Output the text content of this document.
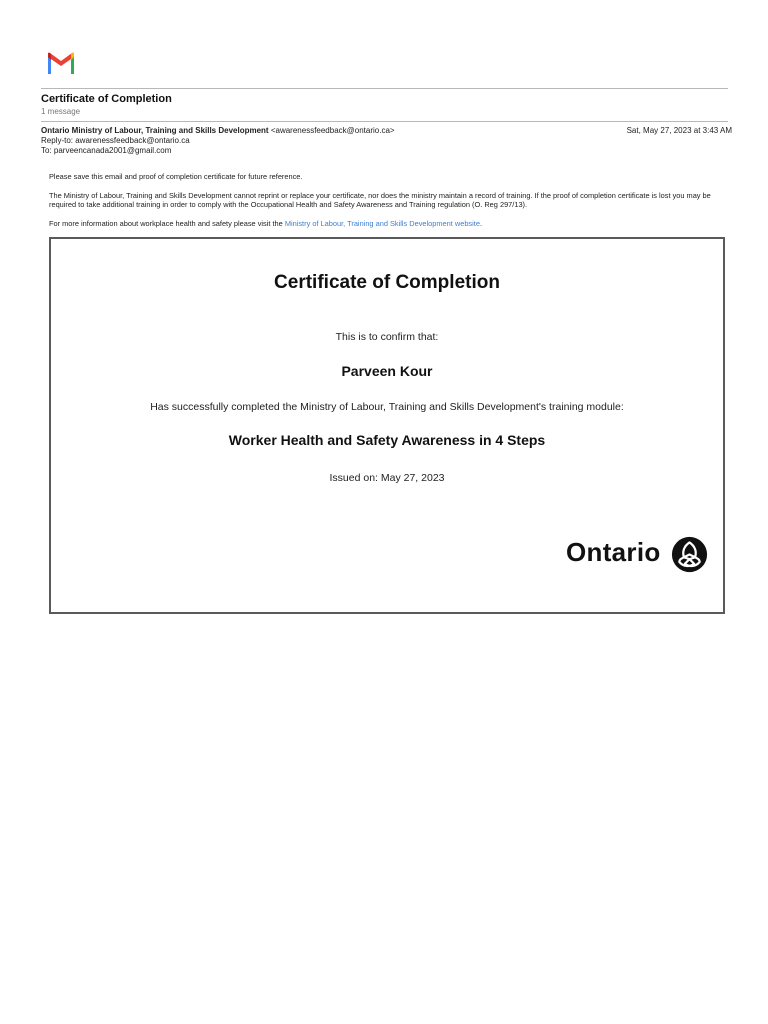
Certificate of Completion
1 message
Ontario Ministry of Labour, Training and Skills Development <awarenessfeedback@ontario.ca>
Reply-to: awarenessfeedback@ontario.ca
To: parveencanada2001@gmail.com
Sat, May 27, 2023 at 3:43 AM
Please save this email and proof of completion certificate for future reference.
The Ministry of Labour, Training and Skills Development cannot reprint or replace your certificate, nor does the ministry maintain a record of training. If the proof of completion certificate is lost you may be required to take additional training in order to comply with the Occupational Health and Safety Awareness and Training regulation (O. Reg 297/13).
For more information about workplace health and safety please visit the Ministry of Labour, Training and Skills Development website.
Certificate of Completion
This is to confirm that:
Parveen Kour
Has successfully completed the Ministry of Labour, Training and Skills Development's training module:
Worker Health and Safety Awareness in 4 Steps
Issued on: May 27, 2023
Ontario
